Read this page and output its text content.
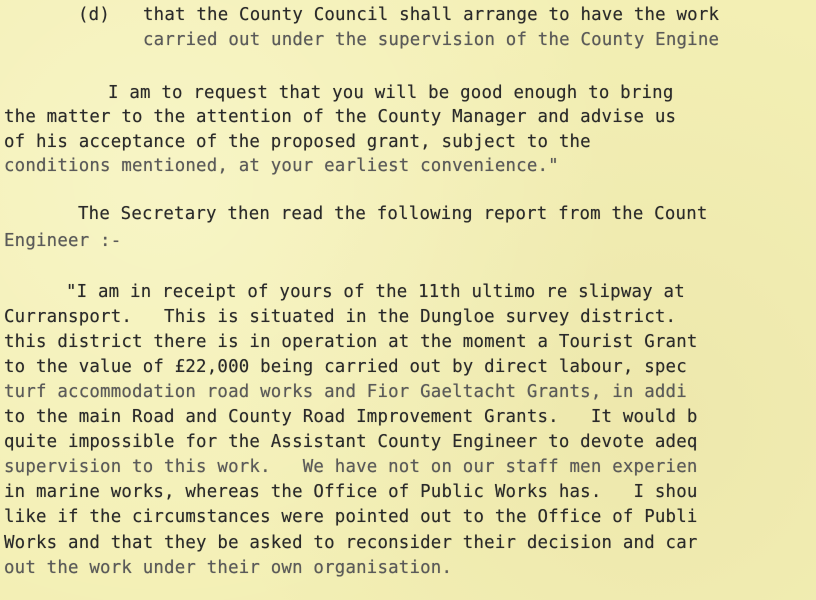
(d) that the County Council shall arrange to have the work
carried out under the supervision of the County Engine
I am to request that you will be good enough to bring
the matter to the attention of the County Manager and advise us
of his acceptance of the proposed grant, subject to the
conditions mentioned, at your earliest convenience."
The Secretary then read the following report from the Count
Engineer :-
"I am in receipt of yours of the 11th ultimo re slipway at
Curransport.   This is situated in the Dungloe survey district.
this district there is in operation at the moment a Tourist Grant
to the value of £22,000 being carried out by direct labour, spec
turf accommodation road works and Fior Gaeltacht Grants, in addi
to the main Road and County Road Improvement Grants.   It would b
quite impossible for the Assistant County Engineer to devote adeq
supervision to this work.   We have not on our staff men experien
in marine works, whereas the Office of Public Works has.   I shou
like if the circumstances were pointed out to the Office of Publi
Works and that they be asked to reconsider their decision and car
out the work under their own organisation.
